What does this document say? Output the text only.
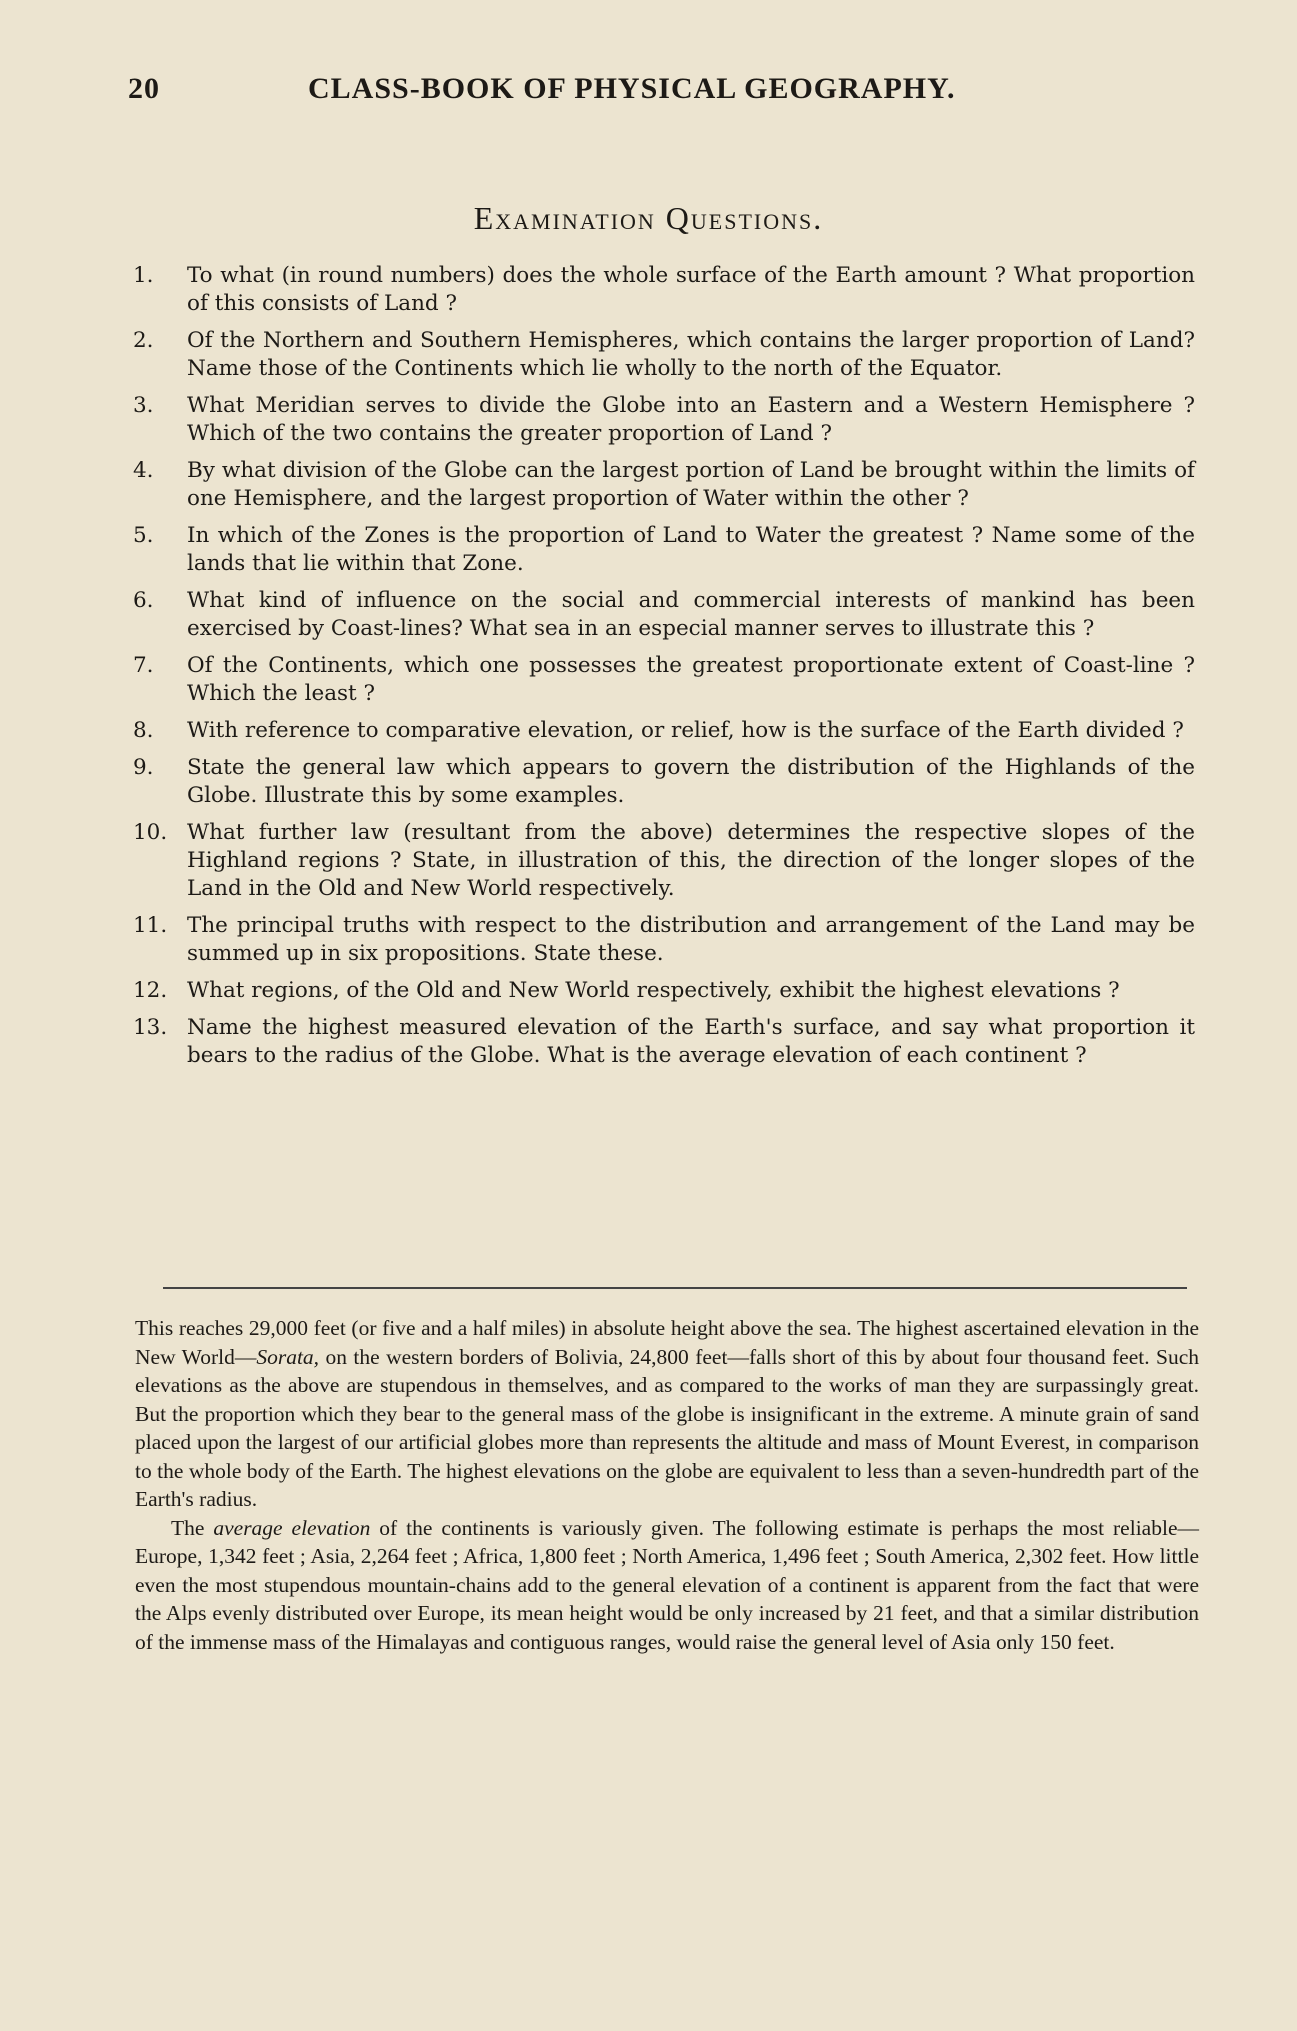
20	CLASS-BOOK OF PHYSICAL GEOGRAPHY.
Examination Questions.
1.	To what (in round numbers) does the whole surface of the Earth amount ? What proportion of this consists of Land ?
2.	Of the Northern and Southern Hemispheres, which contains the larger proportion of Land? Name those of the Continents which lie wholly to the north of the Equator.
3.	What Meridian serves to divide the Globe into an Eastern and a Western Hemisphere ? Which of the two contains the greater proportion of Land ?
4.	By what division of the Globe can the largest portion of Land be brought within the limits of one Hemisphere, and the largest proportion of Water within the other ?
5.	In which of the Zones is the proportion of Land to Water the greatest ? Name some of the lands that lie within that Zone.
6.	What kind of influence on the social and commercial interests of mankind has been exercised by Coast-lines? What sea in an especial manner serves to illustrate this ?
7.	Of the Continents, which one possesses the greatest proportionate extent of Coast-line ? Which the least ?
8.	With reference to comparative elevation, or relief, how is the surface of the Earth divided ?
9.	State the general law which appears to govern the distribution of the Highlands of the Globe. Illustrate this by some examples.
10. What further law (resultant from the above) determines the respective slopes of the Highland regions ? State, in illustration of this, the direction of the longer slopes of the Land in the Old and New World respectively.
11. The principal truths with respect to the distribution and arrangement of the Land may be summed up in six propositions. State these.
12. What regions, of the Old and New World respectively, exhibit the highest elevations ?
13. Name the highest measured elevation of the Earth's surface, and say what proportion it bears to the radius of the Globe. What is the average elevation of each continent ?

This reaches 29,000 feet (or five and a half miles) in absolute height above the sea. The highest ascertained elevation in the New World—Sorata, on the western borders of Bolivia, 24,800 feet—falls short of this by about four thousand feet. Such elevations as the above are stupendous in themselves, and as compared to the works of man they are surpassingly great. But the proportion which they bear to the general mass of the globe is insignificant in the extreme. A minute grain of sand placed upon the largest of our artificial globes more than represents the altitude and mass of Mount Everest, in comparison to the whole body of the Earth. The highest elevations on the globe are equivalent to less than a seven-hundredth part of the Earth's radius.

The average elevation of the continents is variously given. The following estimate is perhaps the most reliable—Europe, 1,342 feet ; Asia, 2,264 feet ; Africa, 1,800 feet ; North America, 1,496 feet ; South America, 2,302 feet. How little even the most stupendous mountain-chains add to the general elevation of a continent is apparent from the fact that were the Alps evenly distributed over Europe, its mean height would be only increased by 21 feet, and that a similar distribution of the immense mass of the Himalayas and contiguous ranges, would raise the general level of Asia only 150 feet.
